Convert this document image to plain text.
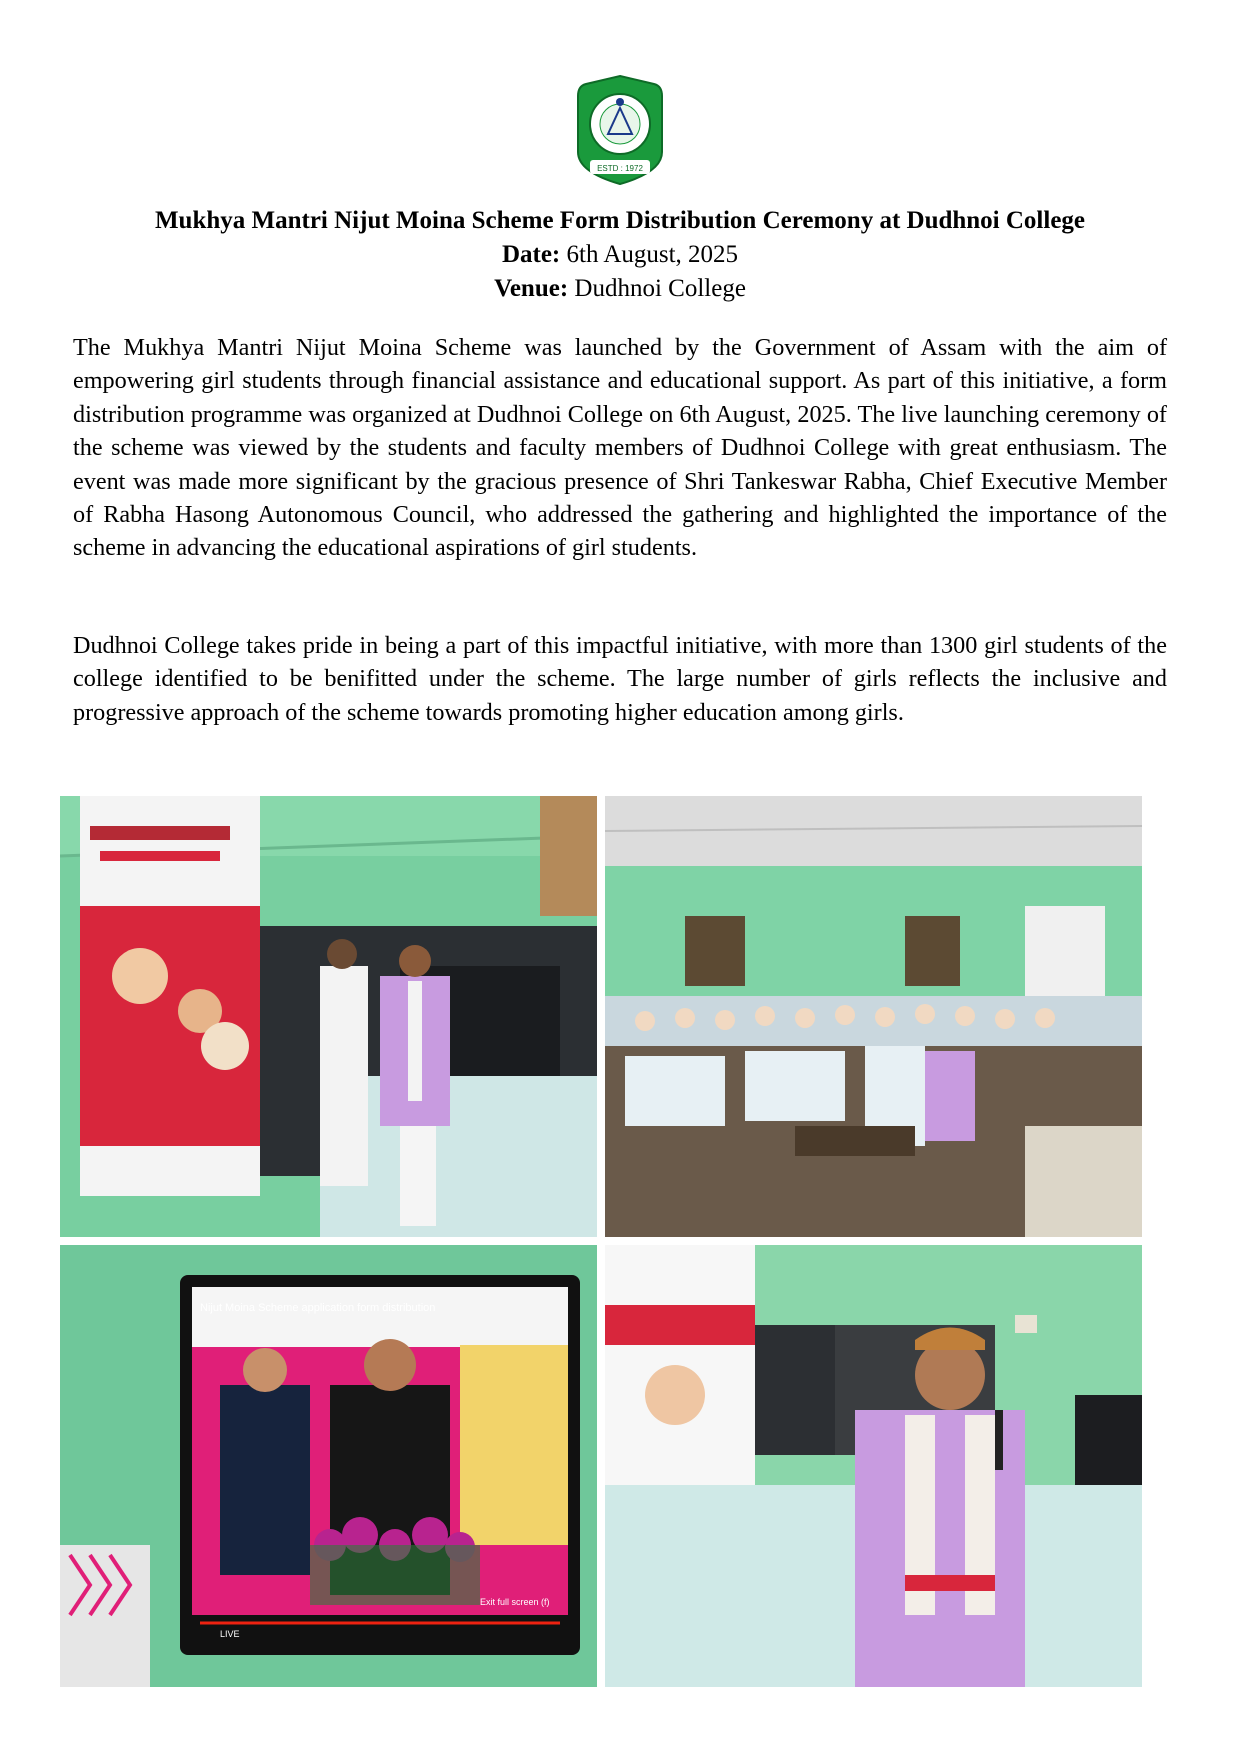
ESTD : 1972
Mukhya Mantri Nijut Moina Scheme Form Distribution Ceremony at Dudhnoi College
Date: 6th August, 2025
Venue: Dudhnoi College

The Mukhya Mantri Nijut Moina Scheme was launched by the Government of Assam with the aim of empowering girl students through financial assistance and educational support. As part of this initiative, a form distribution programme was organized at Dudhnoi College on 6th August, 2025. The live launching ceremony of the scheme was viewed by the students and faculty members of Dudhnoi College with great enthusiasm. The event was made more significant by the gracious presence of Shri Tankeswar Rabha, Chief Executive Member of Rabha Hasong Autonomous Council, who addressed the gathering and highlighted the importance of the scheme in advancing the educational aspirations of girl students.

Dudhnoi College takes pride in being a part of this impactful initiative, with more than 1300 girl students of the college identified to be benifitted under the scheme. The large number of girls reflects the inclusive and progressive approach of the scheme towards promoting higher education among girls.

Nijut Moina Scheme application form distribution
LIVE
Exit full screen (f)
